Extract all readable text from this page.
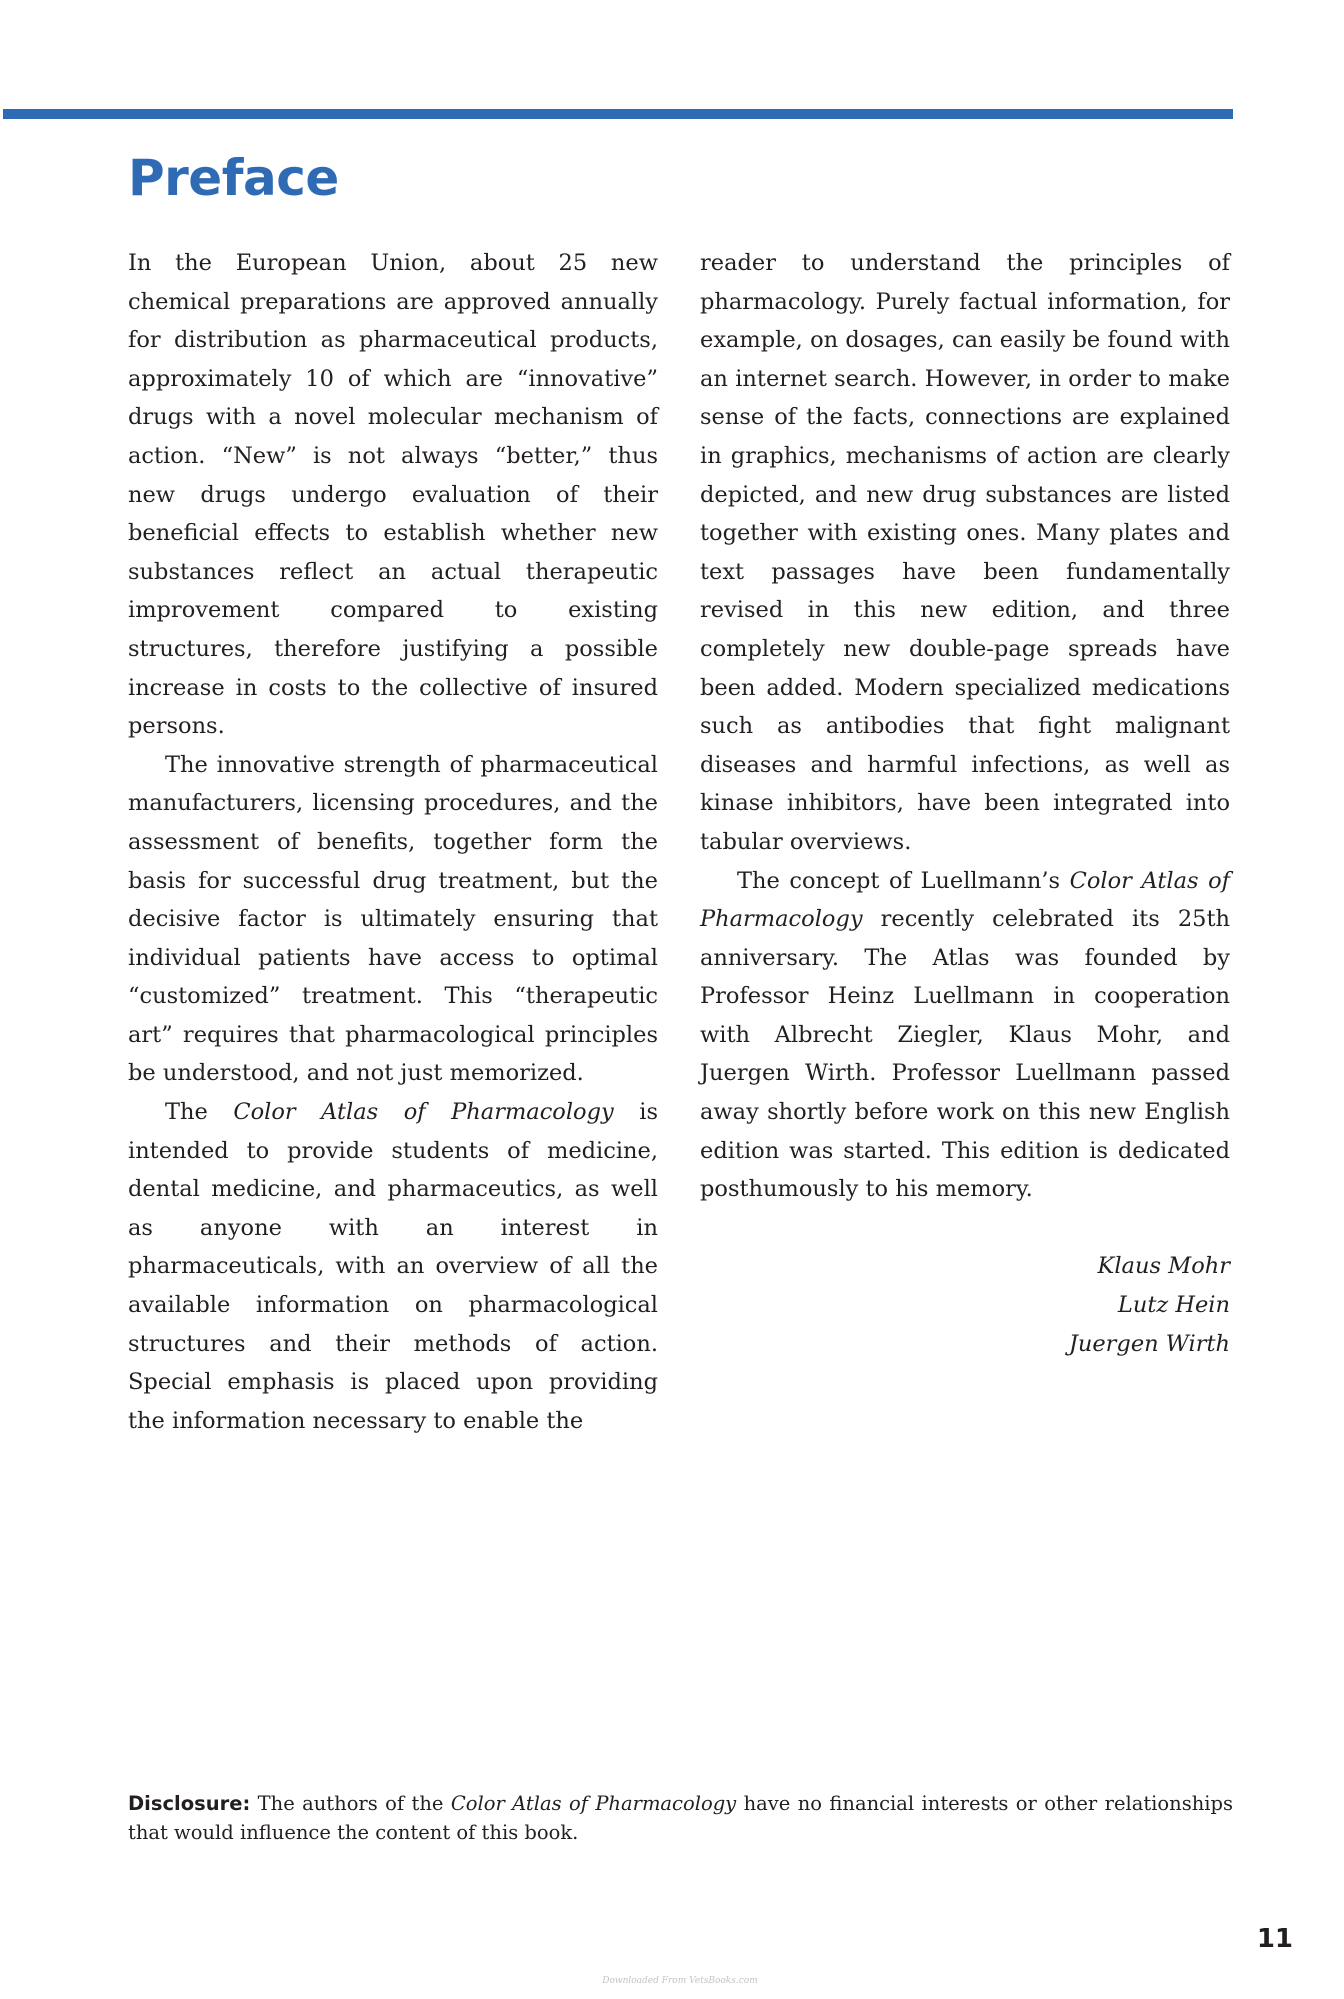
Preface

In the European Union, about 25 new chemical preparations are approved annually for distribution as pharmaceutical products, approximately 10 of which are “innovative” drugs with a novel molecular mechanism of action. “New” is not always “better,” thus new drugs undergo evaluation of their beneficial effects to establish whether new substances reflect an actual therapeutic improvement compared to existing structures, therefore justifying a possible increase in costs to the collective of insured persons.

The innovative strength of pharmaceutical manufacturers, licensing procedures, and the assessment of benefits, together form the basis for successful drug treatment, but the decisive factor is ultimately ensuring that individual patients have access to optimal “customized” treatment. This “therapeutic art” requires that pharmacological principles be understood, and not just memorized.

The Color Atlas of Pharmacology is intended to provide students of medicine, dental medicine, and pharmaceutics, as well as anyone with an interest in pharmaceuticals, with an overview of all the available information on pharmacological structures and their methods of action. Special emphasis is placed upon providing the information necessary to enable the

reader to understand the principles of pharmacology. Purely factual information, for example, on dosages, can easily be found with an internet search. However, in order to make sense of the facts, connections are explained in graphics, mechanisms of action are clearly depicted, and new drug substances are listed together with existing ones. Many plates and text passages have been fundamentally revised in this new edition, and three completely new double-page spreads have been added. Modern specialized medications such as antibodies that fight malignant diseases and harmful infections, as well as kinase inhibitors, have been integrated into tabular overviews.

The concept of Luellmann’s Color Atlas of Pharmacology recently celebrated its 25th anniversary. The Atlas was founded by Professor Heinz Luellmann in cooperation with Albrecht Ziegler, Klaus Mohr, and Juergen Wirth. Professor Luellmann passed away shortly before work on this new English edition was started. This edition is dedicated posthumously to his memory.

Klaus Mohr
Lutz Hein
Juergen Wirth
Disclosure: The authors of the Color Atlas of Pharmacology have no financial interests or other relationships that would influence the content of this book.
11
Downloaded From VetsBooks.com
